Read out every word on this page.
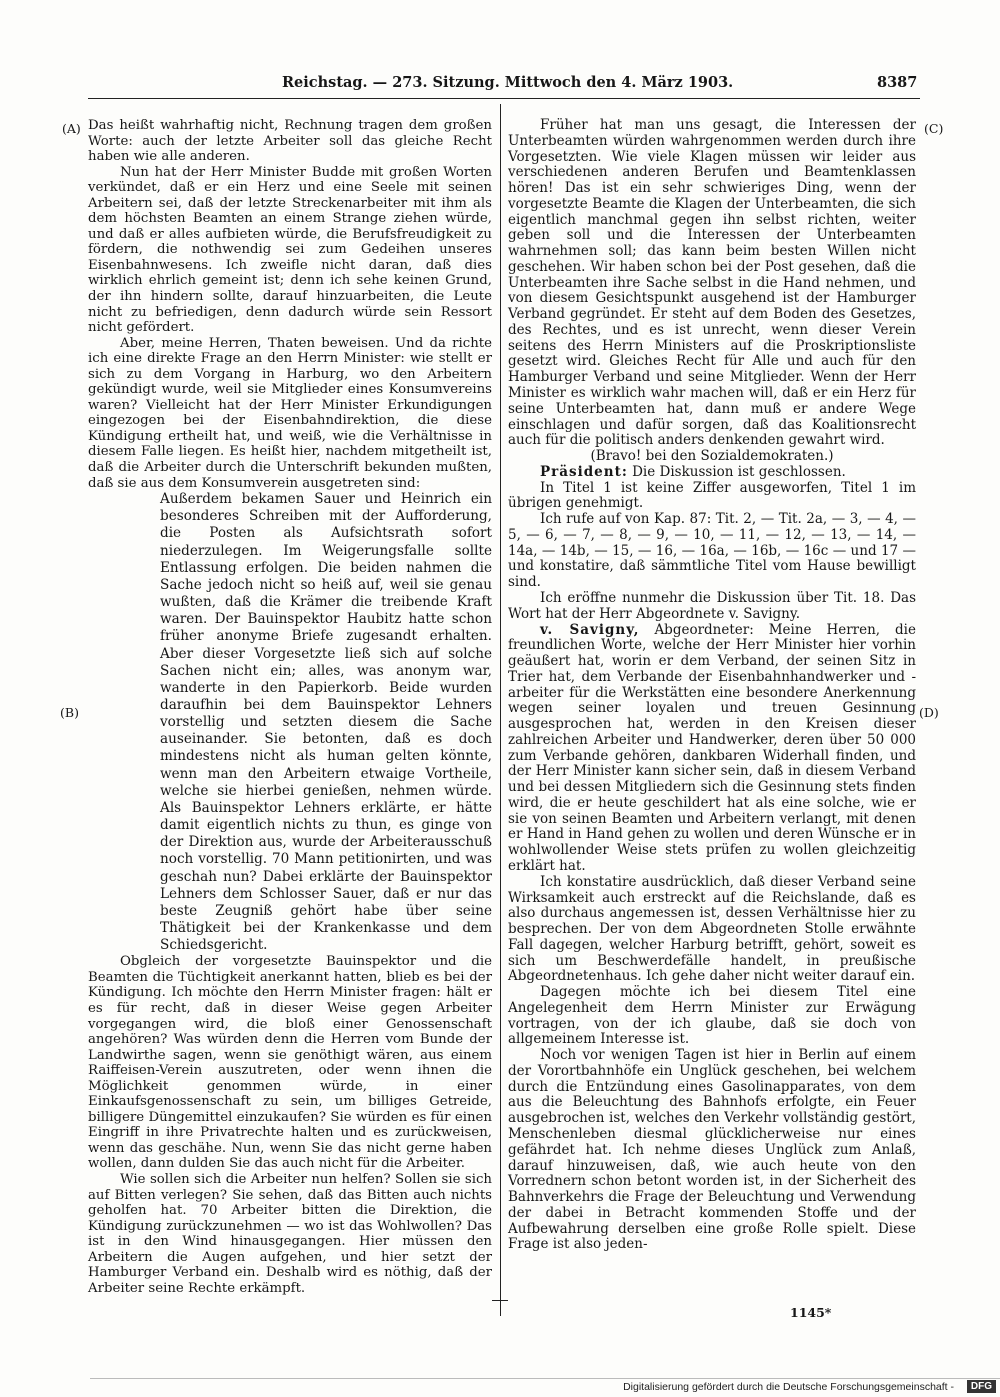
Reichstag. — 273. Sitzung. Mittwoch den 4. März 1903.	8387
(A)
(B)
(C)
(D)

Das heißt wahrhaftig nicht, Rechnung tragen dem großen Worte: auch der letzte Arbeiter soll das gleiche Recht haben wie alle anderen.

Nun hat der Herr Minister Budde mit großen Worten verkündet, daß er ein Herz und eine Seele mit seinen Arbeitern sei, daß der letzte Streckenarbeiter mit ihm als dem höchsten Beamten an einem Strange ziehen würde, und daß er alles aufbieten würde, die Berufsfreudigkeit zu fördern, die nothwendig sei zum Gedeihen unseres Eisenbahnwesens. Ich zweifle nicht daran, daß dies wirklich ehrlich gemeint ist; denn ich sehe keinen Grund, der ihn hindern sollte, darauf hinzuarbeiten, die Leute nicht zu befriedigen, denn dadurch würde sein Ressort nicht gefördert.

Aber, meine Herren, Thaten beweisen. Und da richte ich eine direkte Frage an den Herrn Minister: wie stellt er sich zu dem Vorgang in Harburg, wo den Arbeitern gekündigt wurde, weil sie Mitglieder eines Konsumvereins waren? Vielleicht hat der Herr Minister Erkundigungen eingezogen bei der Eisenbahndirektion, die diese Kündigung ertheilt hat, und weiß, wie die Verhältnisse in diesem Falle liegen. Es heißt hier, nachdem mitgetheilt ist, daß die Arbeiter durch die Unterschrift bekunden mußten, daß sie aus dem Konsumverein ausgetreten sind:

Außerdem bekamen Sauer und Heinrich ein besonderes Schreiben mit der Aufforderung, die Posten als Aufsichtsrath sofort niederzulegen. Im Weigerungsfalle sollte Entlassung erfolgen. Die beiden nahmen die Sache jedoch nicht so heiß auf, weil sie genau wußten, daß die Krämer die treibende Kraft waren. Der Bauinspektor Haubitz hatte schon früher anonyme Briefe zugesandt erhalten. Aber dieser Vorgesetzte ließ sich auf solche Sachen nicht ein; alles, was anonym war, wanderte in den Papierkorb. Beide wurden daraufhin bei dem Bauinspektor Lehners vorstellig und setzten diesem die Sache auseinander. Sie betonten, daß es doch mindestens nicht als human gelten könnte, wenn man den Arbeitern etwaige Vortheile, welche sie hierbei genießen, nehmen würde. Als Bauinspektor Lehners erklärte, er hätte damit eigentlich nichts zu thun, es ginge von der Direktion aus, wurde der Arbeiterausschuß noch vorstellig. 70 Mann petitionirten, und was geschah nun? Dabei erklärte der Bauinspektor Lehners dem Schlosser Sauer, daß er nur das beste Zeugniß gehört habe über seine Thätigkeit bei der Krankenkasse und dem Schiedsgericht.

Obgleich der vorgesetzte Bauinspektor und die Beamten die Tüchtigkeit anerkannt hatten, blieb es bei der Kündigung. Ich möchte den Herrn Minister fragen: hält er es für recht, daß in dieser Weise gegen Arbeiter vorgegangen wird, die bloß einer Genossenschaft angehören? Was würden denn die Herren vom Bunde der Landwirthe sagen, wenn sie genöthigt wären, aus einem Raiffeisen-Verein auszutreten, oder wenn ihnen die Möglichkeit genommen würde, in einer Einkaufsgenossenschaft zu sein, um billiges Getreide, billigere Düngemittel einzukaufen? Sie würden es für einen Eingriff in ihre Privatrechte halten und es zurückweisen, wenn das geschähe. Nun, wenn Sie das nicht gerne haben wollen, dann dulden Sie das auch nicht für die Arbeiter.

Wie sollen sich die Arbeiter nun helfen? Sollen sie sich auf Bitten verlegen? Sie sehen, daß das Bitten auch nichts geholfen hat. 70 Arbeiter bitten die Direktion, die Kündigung zurückzunehmen — wo ist das Wohlwollen? Das ist in den Wind hinausgegangen. Hier müssen den Arbeitern die Augen aufgehen, und hier setzt der Hamburger Verband ein. Deshalb wird es nöthig, daß der Arbeiter seine Rechte erkämpft.

Früher hat man uns gesagt, die Interessen der Unterbeamten würden wahrgenommen werden durch ihre Vorgesetzten. Wie viele Klagen müssen wir leider aus verschiedenen anderen Berufen und Beamtenklassen hören! Das ist ein sehr schwieriges Ding, wenn der vorgesetzte Beamte die Klagen der Unterbeamten, die sich eigentlich manchmal gegen ihn selbst richten, weiter geben soll und die Interessen der Unterbeamten wahrnehmen soll; das kann beim besten Willen nicht geschehen. Wir haben schon bei der Post gesehen, daß die Unterbeamten ihre Sache selbst in die Hand nehmen, und von diesem Gesichtspunkt ausgehend ist der Hamburger Verband gegründet. Er steht auf dem Boden des Gesetzes, des Rechtes, und es ist unrecht, wenn dieser Verein seitens des Herrn Ministers auf die Proskriptionsliste gesetzt wird. Gleiches Recht für Alle und auch für den Hamburger Verband und seine Mitglieder. Wenn der Herr Minister es wirklich wahr machen will, daß er ein Herz für seine Unterbeamten hat, dann muß er andere Wege einschlagen und dafür sorgen, daß das Koalitionsrecht auch für die politisch anders denkenden gewahrt wird.

(Bravo! bei den Sozialdemokraten.)

Präsident: Die Diskussion ist geschlossen.

In Titel 1 ist keine Ziffer ausgeworfen, Titel 1 im übrigen genehmigt.

Ich rufe auf von Kap. 87: Tit. 2, — Tit. 2a, — 3, — 4, — 5, — 6, — 7, — 8, — 9, — 10, — 11, — 12, — 13, — 14, — 14a, — 14b, — 15, — 16, — 16a, — 16b, — 16c — und 17 — und konstatire, daß sämmtliche Titel vom Hause bewilligt sind.

Ich eröffne nunmehr die Diskussion über Tit. 18. Das Wort hat der Herr Abgeordnete v. Savigny.

v. Savigny, Abgeordneter: Meine Herren, die freundlichen Worte, welche der Herr Minister hier vorhin geäußert hat, worin er dem Verband, der seinen Sitz in Trier hat, dem Verbande der Eisenbahnhandwerker und -arbeiter für die Werkstätten eine besondere Anerkennung wegen seiner loyalen und treuen Gesinnung ausgesprochen hat, werden in den Kreisen dieser zahlreichen Arbeiter und Handwerker, deren über 50 000 zum Verbande gehören, dankbaren Widerhall finden, und der Herr Minister kann sicher sein, daß in diesem Verband und bei dessen Mitgliedern sich die Gesinnung stets finden wird, die er heute geschildert hat als eine solche, wie er sie von seinen Beamten und Arbeitern verlangt, mit denen er Hand in Hand gehen zu wollen und deren Wünsche er in wohlwollender Weise stets prüfen zu wollen gleichzeitig erklärt hat.

Ich konstatire ausdrücklich, daß dieser Verband seine Wirksamkeit auch erstreckt auf die Reichslande, daß es also durchaus angemessen ist, dessen Verhältnisse hier zu besprechen. Der von dem Abgeordneten Stolle erwähnte Fall dagegen, welcher Harburg betrifft, gehört, soweit es sich um Beschwerdefälle handelt, in preußische Abgeordnetenhaus. Ich gehe daher nicht weiter darauf ein.

Dagegen möchte ich bei diesem Titel eine Angelegenheit dem Herrn Minister zur Erwägung vortragen, von der ich glaube, daß sie doch von allgemeinem Interesse ist.

Noch vor wenigen Tagen ist hier in Berlin auf einem der Vorortbahnhöfe ein Unglück geschehen, bei welchem durch die Entzündung eines Gasolinapparates, von dem aus die Beleuchtung des Bahnhofs erfolgte, ein Feuer ausgebrochen ist, welches den Verkehr vollständig gestört, Menschenleben diesmal glücklicherweise nur eines gefährdet hat. Ich nehme dieses Unglück zum Anlaß, darauf hinzuweisen, daß, wie auch heute von den Vorrednern schon betont worden ist, in der Sicherheit des Bahnverkehrs die Frage der Beleuchtung und Verwendung der dabei in Betracht kommenden Stoffe und der Aufbewahrung derselben eine große Rolle spielt. Diese Frage ist also jeden-

1145*
Digitalisierung gefördert durch die Deutsche Forschungsgemeinschaft -	DFG
